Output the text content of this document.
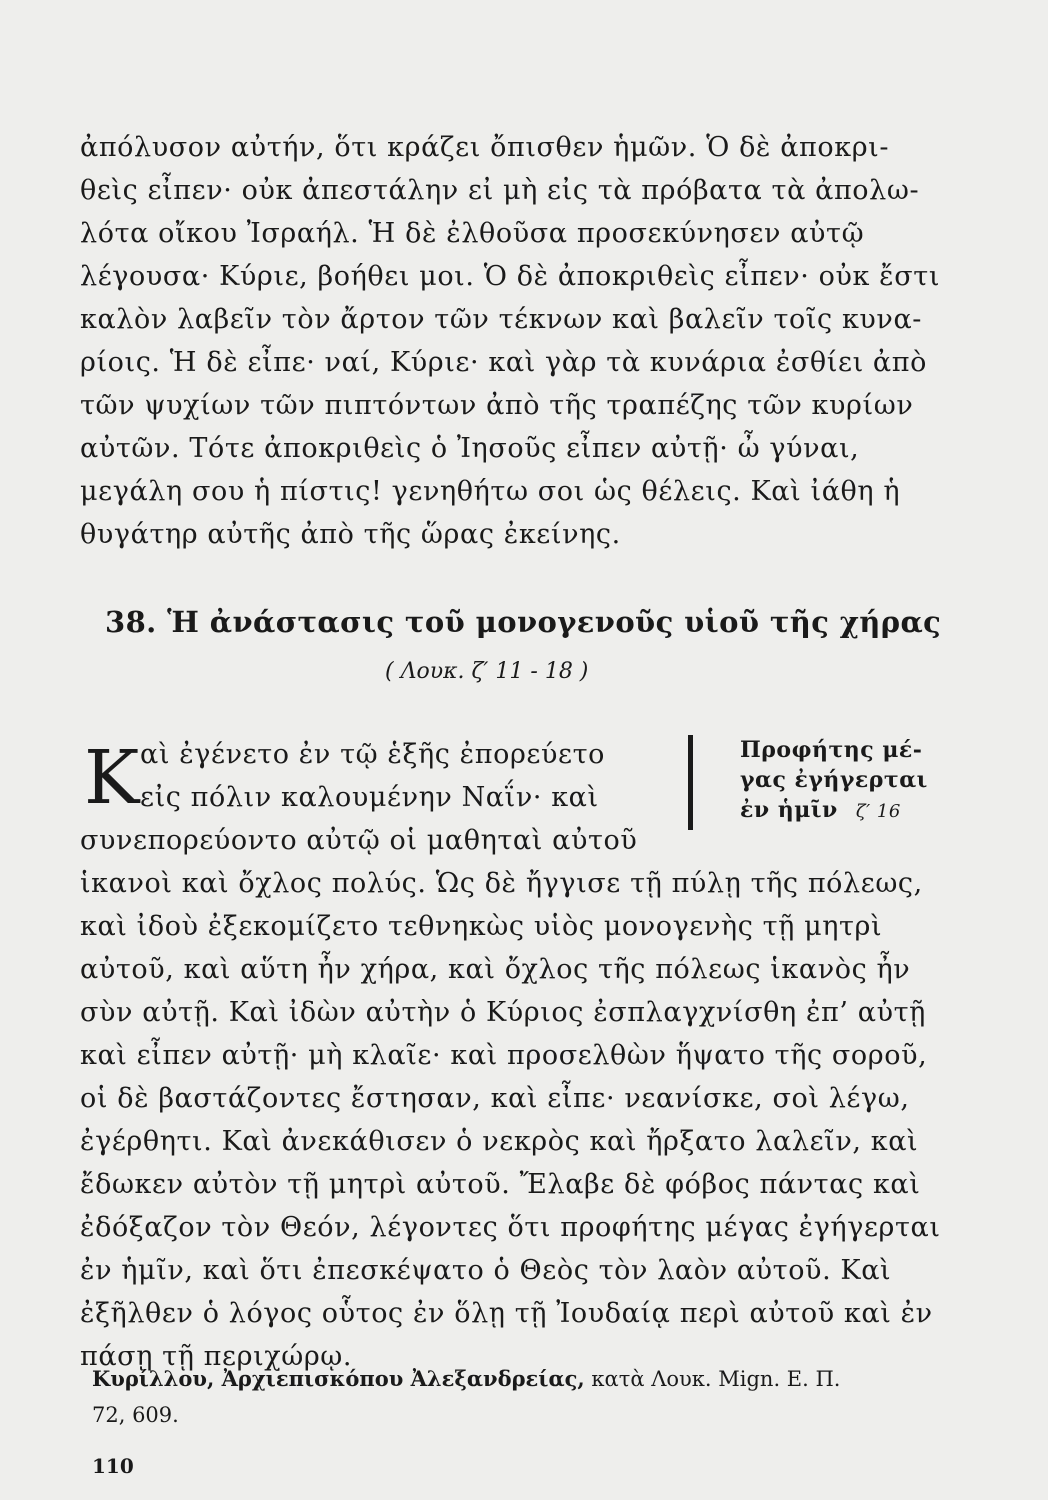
ἀπόλυσον αὐτήν, ὅτι κράζει ὄπισθεν ἡμῶν. Ὁ δὲ ἀποκρι-
θεὶς εἶπεν· οὐκ ἀπεστάλην εἰ μὴ εἰς τὰ πρόβατα τὰ ἀπολω-
λότα οἴκου Ἰσραήλ. Ἡ δὲ ἐλθοῦσα προσεκύνησεν αὐτῷ
λέγουσα· Κύριε, βοήθει μοι. Ὁ δὲ ἀποκριθεὶς εἶπεν· οὐκ ἔστι
καλὸν λαβεῖν τὸν ἄρτον τῶν τέκνων καὶ βαλεῖν τοῖς κυνα-
ρίοις. Ἡ δὲ εἶπε· ναί, Κύριε· καὶ γὰρ τὰ κυνάρια ἐσθίει ἀπὸ
τῶν ψυχίων τῶν πιπτόντων ἀπὸ τῆς τραπέζης τῶν κυρίων
αὐτῶν. Τότε ἀποκριθεὶς ὁ Ἰησοῦς εἶπεν αὐτῇ· ὦ γύναι,
μεγάλη σου ἡ πίστις! γενηθήτω σοι ὡς θέλεις. Καὶ ἰάθη ἡ
θυγάτηρ αὐτῆς ἀπὸ τῆς ὥρας ἐκείνης.
38. Ἡ ἀνάστασις τοῦ μονογενοῦς υἱοῦ τῆς χήρας
( Λουκ. ζ′ 11 - 18 )
Κ αὶ ἐγένετο ἐν τῷ ἑξῆς ἐπορεύετο
εἰς πόλιν καλουμένην Ναΐν· καὶ
Προφήτης μέ-
γας ἐγήγερται
ἐν ἡμῖν ζ′ 16
συνεπορεύοντο αὐτῷ οἱ μαθηταὶ αὐτοῦ
ἱκανοὶ καὶ ὄχλος πολύς. Ὡς δὲ ἤγγισε τῇ πύλῃ τῆς πόλεως,
καὶ ἰδοὺ ἐξεκομίζετο τεθνηκὼς υἱὸς μονογενὴς τῇ μητρὶ
αὐτοῦ, καὶ αὕτη ἦν χήρα, καὶ ὄχλος τῆς πόλεως ἱκανὸς ἦν
σὺν αὐτῇ. Καὶ ἰδὼν αὐτὴν ὁ Κύριος ἐσπλαγχνίσθη ἐπ’ αὐτῇ
καὶ εἶπεν αὐτῇ· μὴ κλαῖε· καὶ προσελθὼν ἥψατο τῆς σοροῦ,
οἱ δὲ βαστάζοντες ἔστησαν, καὶ εἶπε· νεανίσκε, σοὶ λέγω,
ἐγέρθητι. Καὶ ἀνεκάθισεν ὁ νεκρὸς καὶ ἤρξατο λαλεῖν, καὶ
ἔδωκεν αὐτὸν τῇ μητρὶ αὐτοῦ. Ἔλαβε δὲ φόβος πάντας καὶ
ἐδόξαζον τὸν Θεόν, λέγοντες ὅτι προφήτης μέγας ἐγήγερται
ἐν ἡμῖν, καὶ ὅτι ἐπεσκέψατο ὁ Θεὸς τὸν λαὸν αὐτοῦ. Καὶ
ἐξῆλθεν ὁ λόγος οὗτος ἐν ὅλῃ τῇ Ἰουδαίᾳ περὶ αὐτοῦ καὶ ἐν
πάσῃ τῇ περιχώρῳ.
Κυρίλλου, Ἀρχιεπισκόπου Ἀλεξανδρείας, κατὰ Λουκ. Mign. Ε. Π.
72, 609.
110
